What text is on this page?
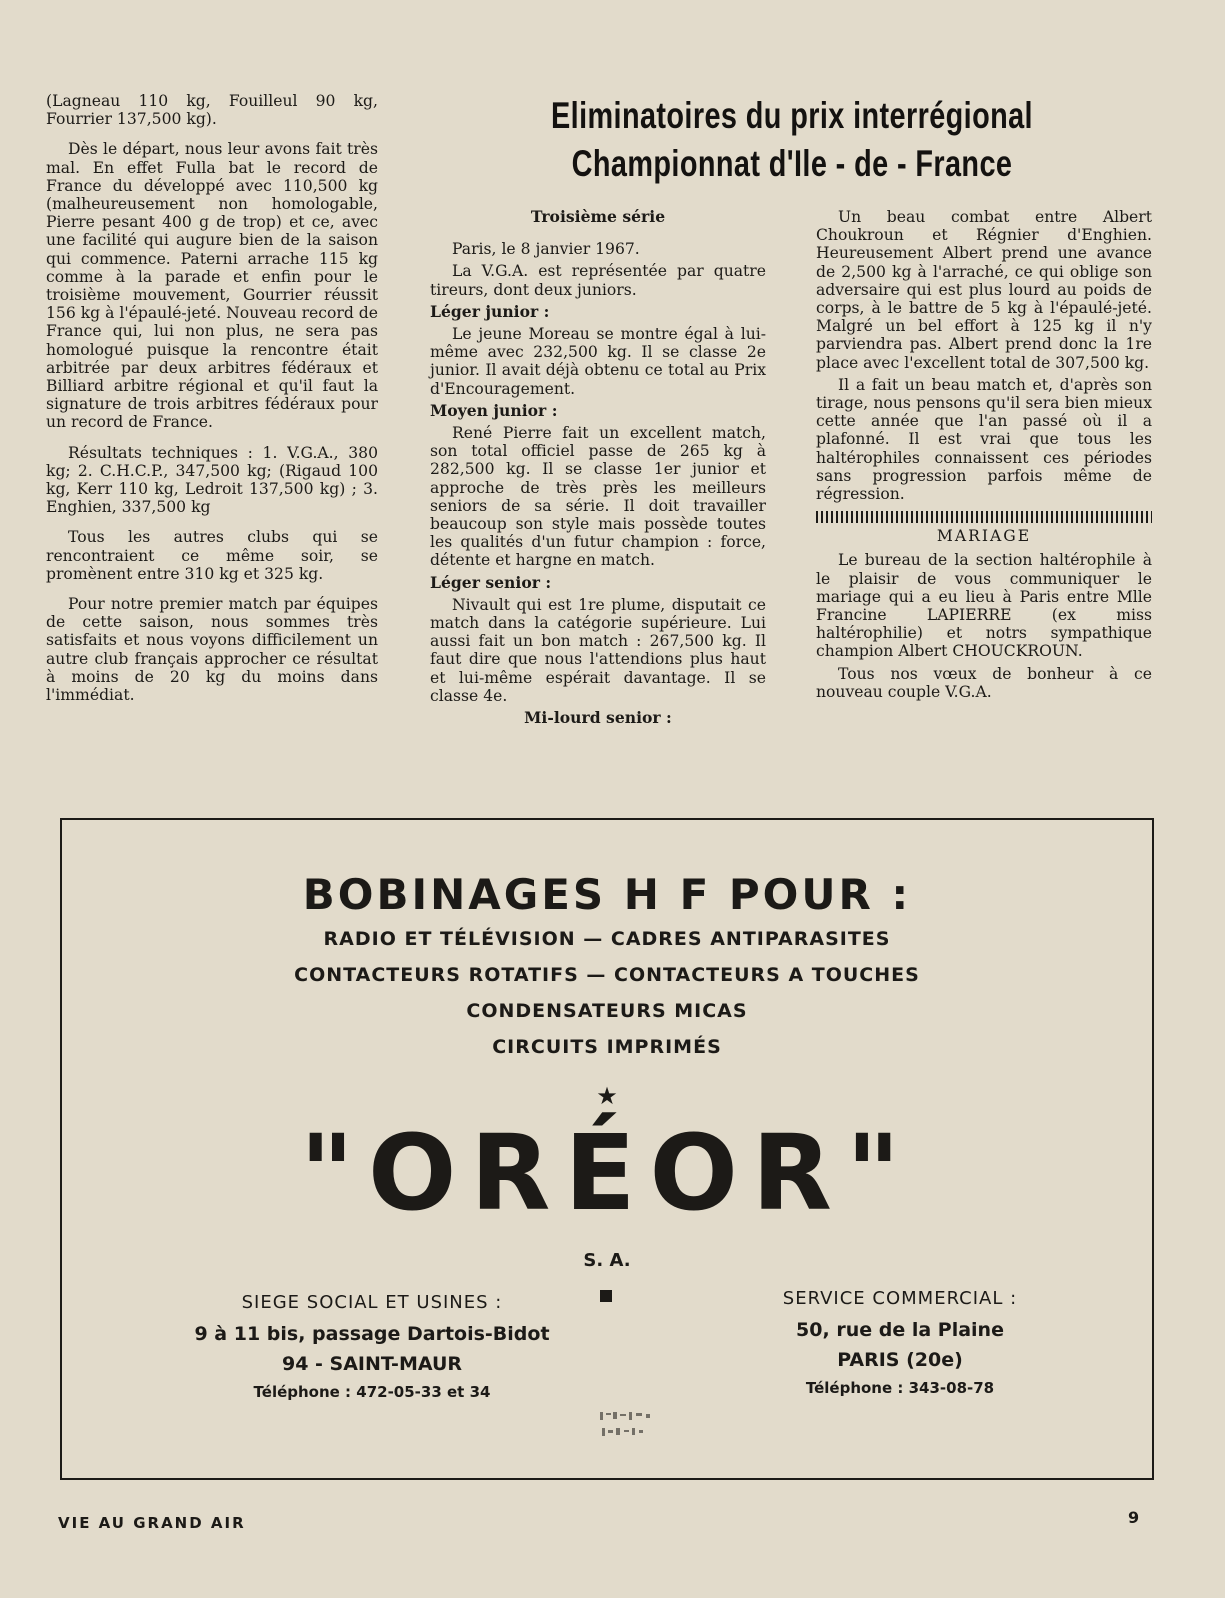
(Lagneau 110 kg, Fouilleul 90 kg, Fourrier 137,500 kg).

Dès le départ, nous leur avons fait très mal. En effet Fulla bat le record de France du développé avec 110,500 kg (malheureusement non homologable, Pierre pesant 400 g de trop) et ce, avec une facilité qui augure bien de la saison qui commence. Paterni arrache 115 kg comme à la parade et enfin pour le troisième mouvement, Gourrier réussit 156 kg à l'épaulé-jeté. Nouveau record de France qui, lui non plus, ne sera pas homologué puisque la rencontre était arbitrée par deux arbitres fédéraux et Billiard arbitre régional et qu'il faut la signature de trois arbitres fédéraux pour un record de France.

Résultats techniques : 1. V.G.A., 380 kg; 2. C.H.C.P., 347,500 kg; (Rigaud 100 kg, Kerr 110 kg, Ledroit 137,500 kg) ; 3. Enghien, 337,500 kg

Tous les autres clubs qui se rencontraient ce même soir, se promènent entre 310 kg et 325 kg.

Pour notre premier match par équipes de cette saison, nous sommes très satisfaits et nous voyons difficilement un autre club français approcher ce résultat à moins de 20 kg du moins dans l'immédiat.

Eliminatoires du prix interrégional
Championnat d'Ile - de - France
Troisième série

Paris, le 8 janvier 1967.

La V.G.A. est représentée par quatre tireurs, dont deux juniors.

Léger junior :

Le jeune Moreau se montre égal à lui-même avec 232,500 kg. Il se classe 2e junior. Il avait déjà obtenu ce total au Prix d'Encouragement.

Moyen junior :

René Pierre fait un excellent match, son total officiel passe de 265 kg à 282,500 kg. Il se classe 1er junior et approche de très près les meilleurs seniors de sa série. Il doit travailler beaucoup son style mais possède toutes les qualités d'un futur champion : force, détente et hargne en match.

Léger senior :

Nivault qui est 1re plume, disputait ce match dans la catégorie supérieure. Lui aussi fait un bon match : 267,500 kg. Il faut dire que nous l'attendions plus haut et lui-même espérait davantage. Il se classe 4e.

Mi-lourd senior :

Un beau combat entre Albert Choukroun et Régnier d'Enghien. Heureusement Albert prend une avance de 2,500 kg à l'arraché, ce qui oblige son adversaire qui est plus lourd au poids de corps, à le battre de 5 kg à l'épaulé-jeté. Malgré un bel effort à 125 kg il n'y parviendra pas. Albert prend donc la 1re place avec l'excellent total de 307,500 kg.

Il a fait un beau match et, d'après son tirage, nous pensons qu'il sera bien mieux cette année que l'an passé où il a plafonné. Il est vrai que tous les haltérophiles connaissent ces périodes sans progression parfois même de régression.

MARIAGE

Le bureau de la section haltérophile à le plaisir de vous communiquer le mariage qui a eu lieu à Paris entre Mlle Francine LAPIERRE (ex miss haltérophilie) et notrs sympathique champion Albert CHOUCKROUN.

Tous nos vœux de bonheur à ce nouveau couple V.G.A.

BOBINAGES H F POUR :
RADIO ET TÉLÉVISION — CADRES ANTIPARASITES
CONTACTEURS ROTATIFS — CONTACTEURS A TOUCHES
CONDENSATEURS MICAS
CIRCUITS IMPRIMÉS
★
"ORÉOR"
S. A.
SIEGE SOCIAL ET USINES :
9 à 11 bis, passage Dartois-Bidot
94 - SAINT-MAUR
Téléphone : 472-05-33 et 34
SERVICE COMMERCIAL :
50, rue de la Plaine
PARIS (20e)
Téléphone : 343-08-78
VIE AU GRAND AIR	9
